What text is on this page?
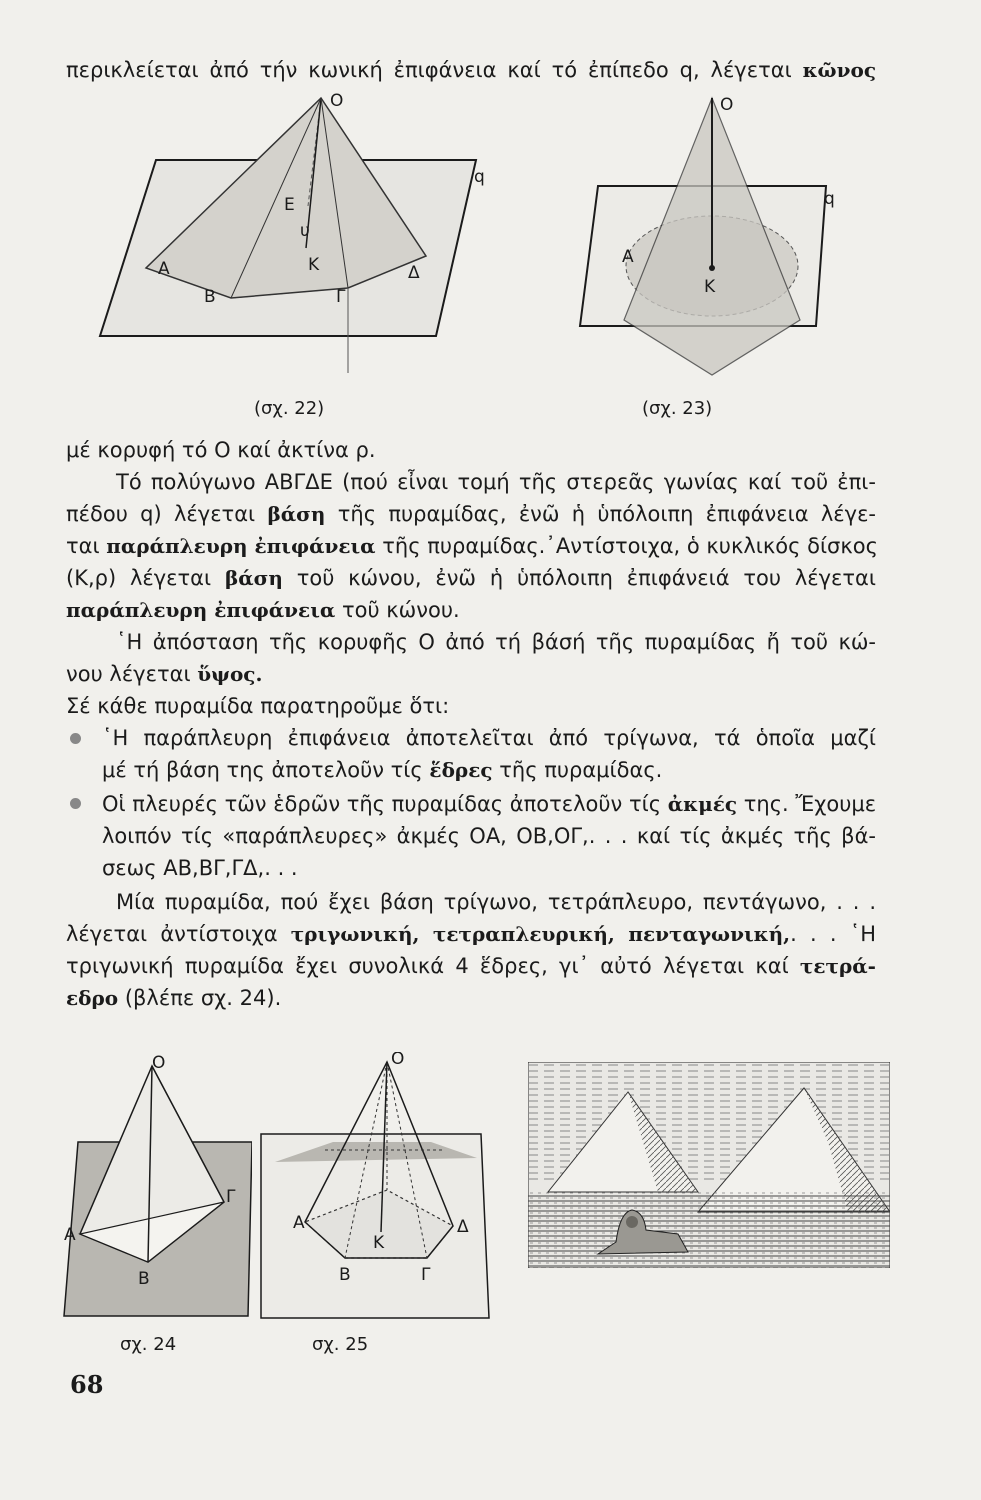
περικλείεται ἀπό τήν κωνική ἐπιφάνεια καί τό ἐπίπεδο q, λέγεται κῶνος
O
q
Ε
υ
Α	Κ	Δ
Β	Γ
(σχ. 22)
O
q
Α
Κ
(σχ. 23)
μέ κορυφή τό Ο καί ἀκτίνα ρ.
Τό πολύγωνο ΑΒΓΔΕ (πού εἶναι τομή τῆς στερεᾶς γωνίας καί τοῦ ἐπι-
πέδου q) λέγεται βάση τῆς πυραμίδας, ἐνῶ ἡ ὑπόλοιπη ἐπιφάνεια λέγε-
ται παράπλευρη ἐπιφάνεια τῆς πυραμίδας.᾽Αντίστοιχα, ὁ κυκλικός δίσκος
(Κ,ρ) λέγεται βάση τοῦ κώνου, ἐνῶ ἡ ὑπόλοιπη ἐπιφάνειά του λέγεται
παράπλευρη ἐπιφάνεια τοῦ κώνου.
῾Η ἀπόσταση τῆς κορυφῆς Ο ἀπό τή βάσή τῆς πυραμίδας ἤ τοῦ κώ-
νου λέγεται ὕψος.
Σέ κάθε πυραμίδα παρατηροῦμε ὅτι:
῾Η παράπλευρη ἐπιφάνεια ἀποτελεῖται ἀπό τρίγωνα, τά ὁποῖα μαζί
μέ τή βάση της ἀποτελοῦν τίς ἕδρες τῆς πυραμίδας.
Οἱ πλευρές τῶν ἑδρῶν τῆς πυραμίδας ἀποτελοῦν τίς ἀκμές της. Ἔχουμε
λοιπόν τίς «παράπλευρες» ἀκμές ΟΑ, ΟΒ,ΟΓ,. . . καί τίς ἀκμές τῆς βά-
σεως ΑΒ,ΒΓ,ΓΔ,. . .
Μία πυραμίδα, πού ἔχει βάση τρίγωνο, τετράπλευρο, πεντάγωνο, . . .
λέγεται ἀντίστοιχα τριγωνική, τετραπλευρική, πενταγωνική,. . . ῾Η
τριγωνική πυραμίδα ἔχει συνολικά 4 ἕδρες, γι᾽ αὐτό λέγεται καί τετρά-
εδρο (βλέπε σχ. 24).
O
Γ
Α
Β
σχ. 24
O
Α	Δ
Κ
Β	Γ
σχ. 25
68
